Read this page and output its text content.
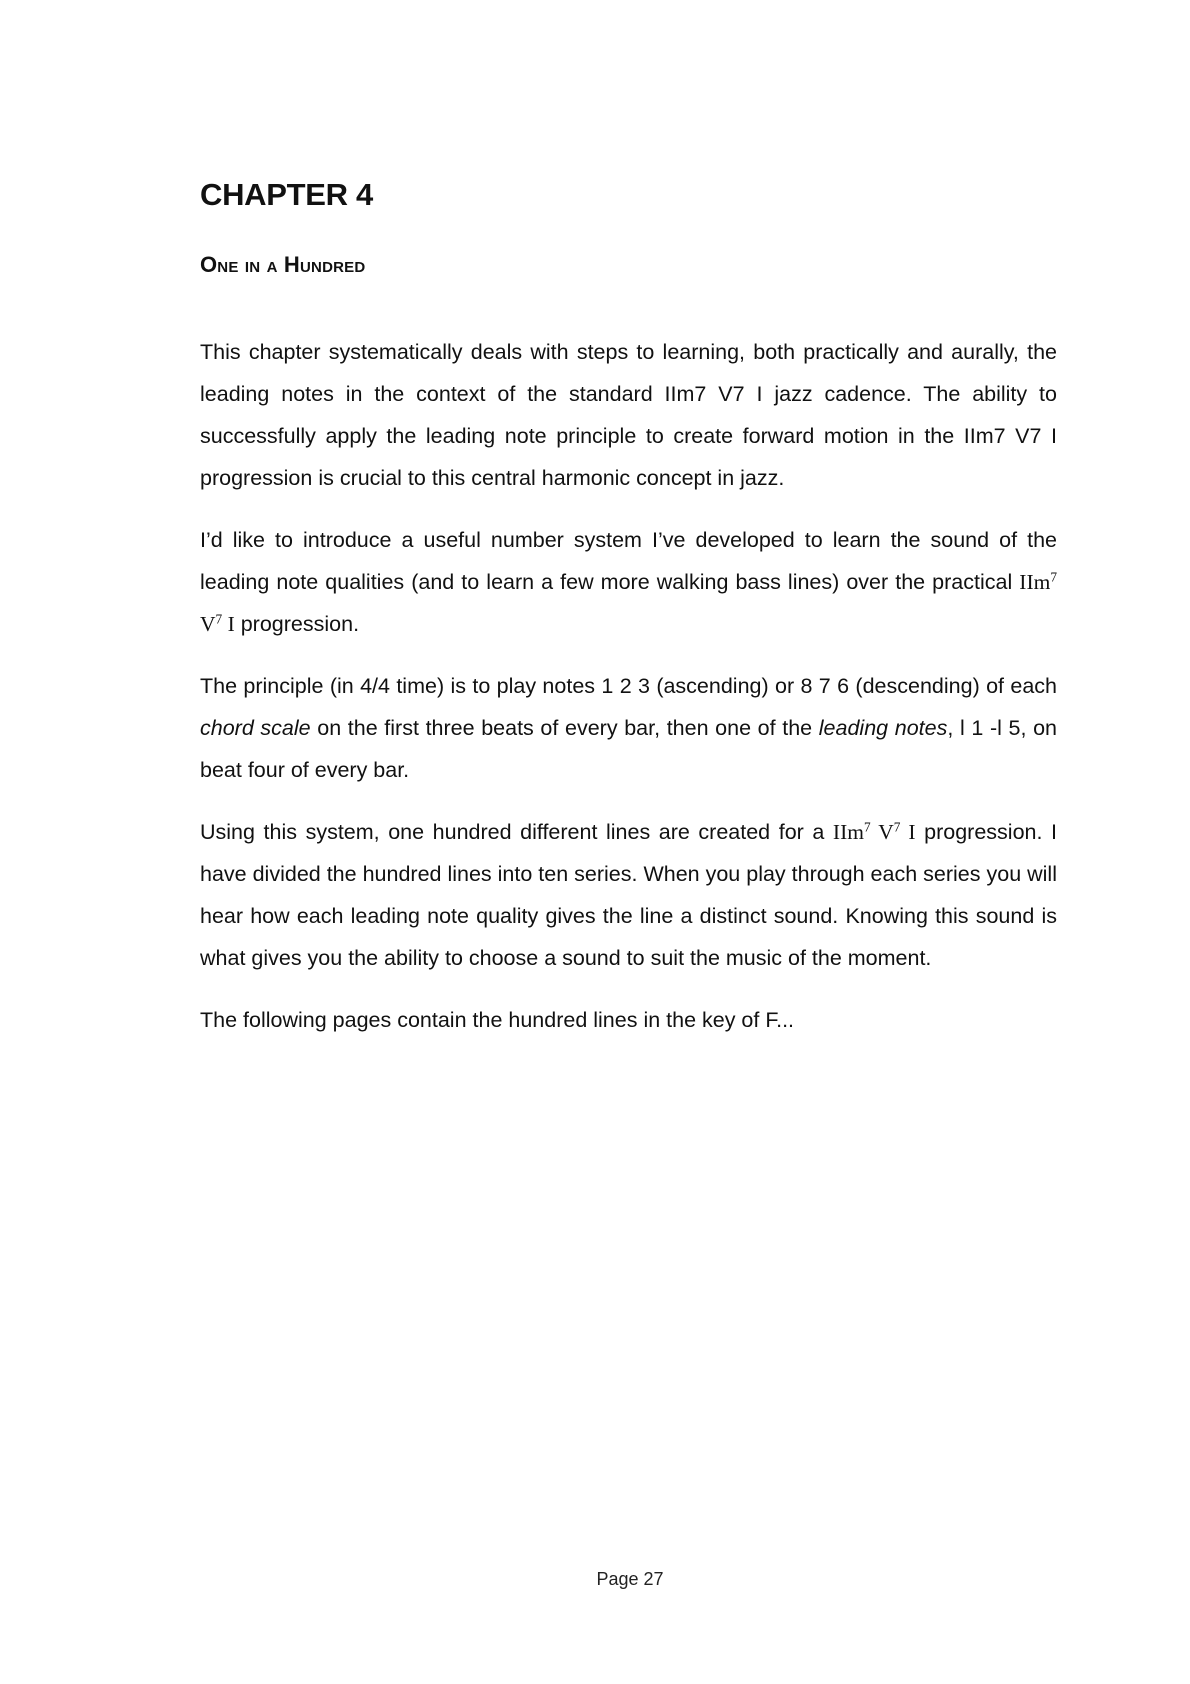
CHAPTER 4
One in a Hundred

This chapter systematically deals with steps to learning, both practically and aurally, the leading notes in the context of the standard IIm7 V7 I jazz cadence. The ability to successfully apply the leading note principle to create forward motion in the IIm7 V7 I progression is crucial to this central harmonic concept in jazz.

I’d like to introduce a useful number system I’ve developed to learn the sound of the leading note qualities (and to learn a few more walking bass lines) over the practical IIm$^7$ $V^7$ I progression.

The principle (in 4/4 time) is to play notes 1 2 3 (ascending) or 8 7 6 (descending) of each chord scale on the first three beats of every bar, then one of the leading notes, l 1 -l 5, on beat four of every bar.

Using this system, one hundred different lines are created for a IIm$^7$ $V^7$ I progression. I have divided the hundred lines into ten series. When you play through each series you will hear how each leading note quality gives the line a distinct sound. Knowing this sound is what gives you the ability to choose a sound to suit the music of the moment.

The following pages contain the hundred lines in the key of F...

Page 27
